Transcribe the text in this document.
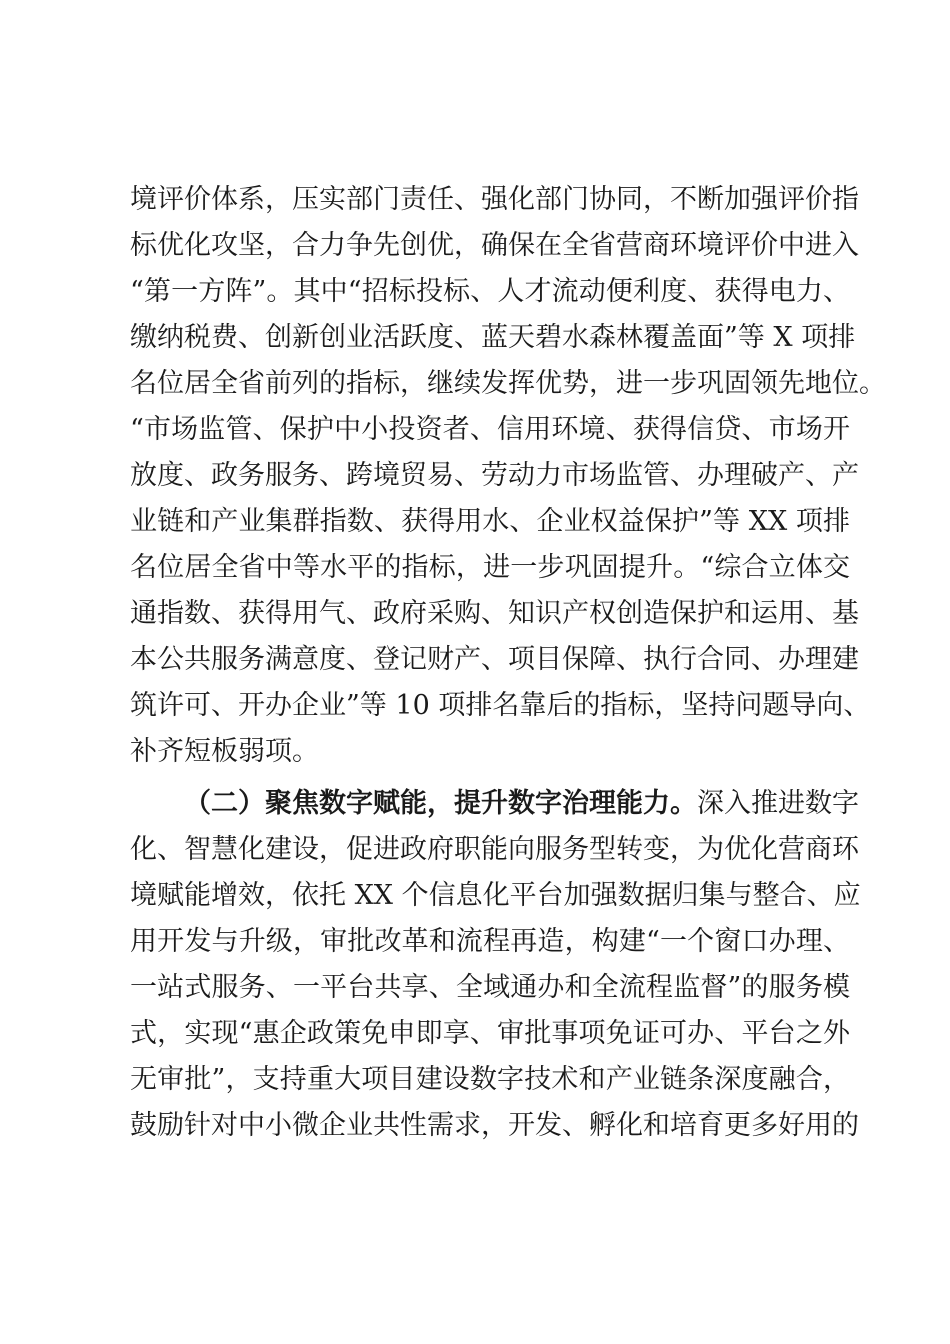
境评价体系，压实部门责任、强化部门协同，不断加强评价指
标优化攻坚，合力争先创优，确保在全省营商环境评价中进入
“第一方阵”。其中“招标投标、人才流动便利度、获得电力、
缴纳税费、创新创业活跃度、蓝天碧水森林覆盖面”等 X 项排
名位居全省前列的指标，继续发挥优势，进一步巩固领先地位。
“市场监管、保护中小投资者、信用环境、获得信贷、市场开
放度、政务服务、跨境贸易、劳动力市场监管、办理破产、产
业链和产业集群指数、获得用水、企业权益保护”等 XX 项排
名位居全省中等水平的指标，进一步巩固提升。“综合立体交
通指数、获得用气、政府采购、知识产权创造保护和运用、基
本公共服务满意度、登记财产、项目保障、执行合同、办理建
筑许可、开办企业”等 10 项排名靠后的指标，坚持问题导向、
补齐短板弱项。
（二）聚焦数字赋能，提升数字治理能力。深入推进数字
化、智慧化建设，促进政府职能向服务型转变，为优化营商环
境赋能增效，依托 XX 个信息化平台加强数据归集与整合、应
用开发与升级，审批改革和流程再造，构建“一个窗口办理、
一站式服务、一平台共享、全域通办和全流程监督”的服务模
式，实现“惠企政策免申即享、审批事项免证可办、平台之外
无审批”，支持重大项目建设数字技术和产业链条深度融合，
鼓励针对中小微企业共性需求，开发、孵化和培育更多好用的
